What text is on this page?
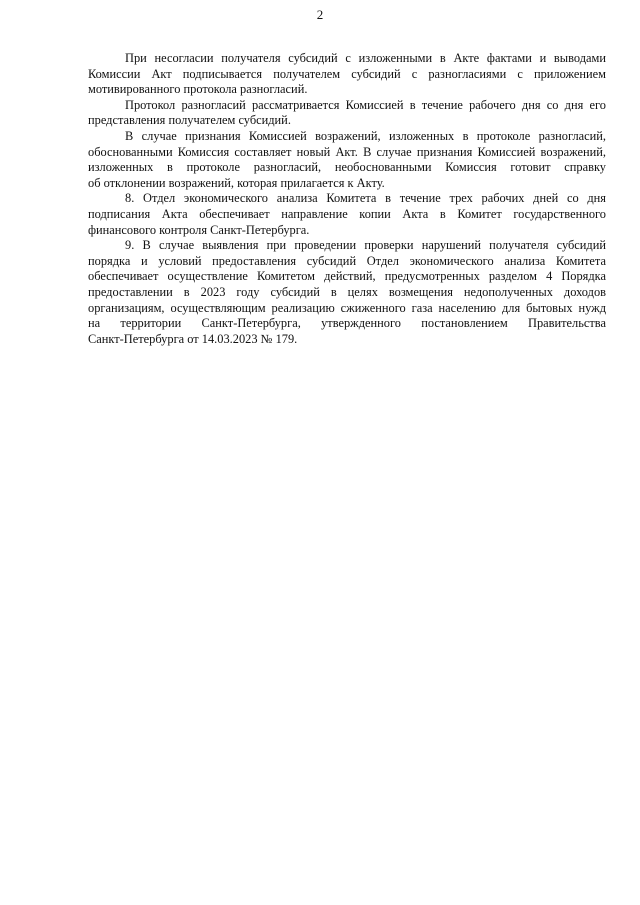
2

При несогласии получателя субсидий с изложенными в Акте фактами и выводами
Комиссии Акт подписывается получателем субсидий с разногласиями с приложением
мотивированного протокола разногласий.

Протокол разногласий рассматривается Комиссией в течение рабочего дня со дня его
представления получателем субсидий.

В случае признания Комиссией возражений, изложенных в протоколе разногласий,
обоснованными Комиссия составляет новый Акт. В случае признания Комиссией возражений,
изложенных в протоколе разногласий, необоснованными Комиссия готовит справку
об отклонении возражений, которая прилагается к Акту.

8. Отдел экономического анализа Комитета в течение трех рабочих дней со дня
подписания Акта обеспечивает направление копии Акта в Комитет государственного
финансового контроля Санкт-Петербурга.

9. В случае выявления при проведении проверки нарушений получателя субсидий
порядка и условий предоставления субсидий Отдел экономического анализа Комитета
обеспечивает осуществление Комитетом действий, предусмотренных разделом 4 Порядка
предоставлении в 2023 году субсидий в целях возмещения недополученных доходов
организациям, осуществляющим реализацию сжиженного газа населению для бытовых нужд
на территории Санкт-Петербурга, утвержденного постановлением Правительства
Санкт-Петербурга от 14.03.2023 № 179.
